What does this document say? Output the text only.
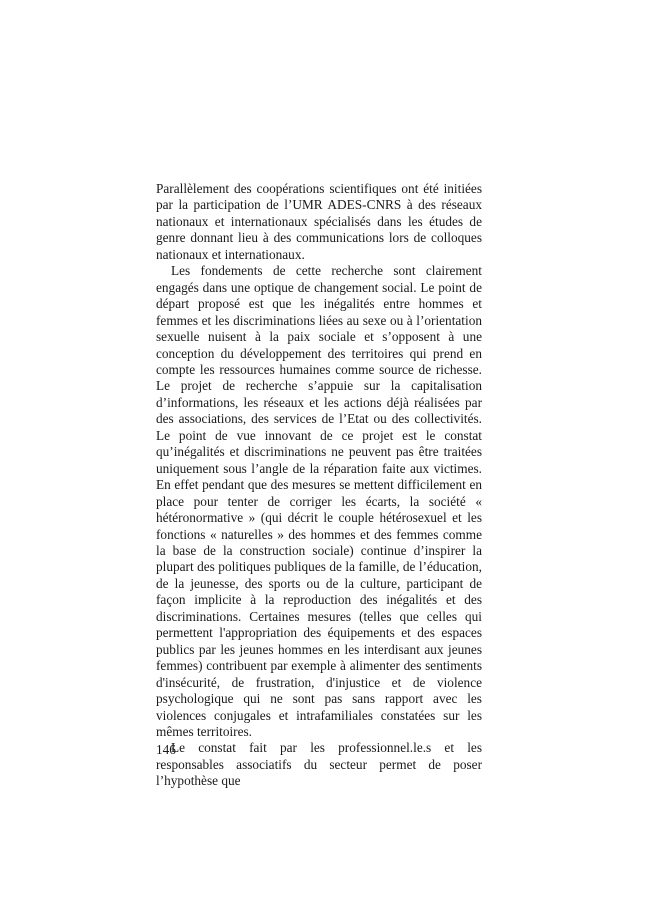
Parallèlement des coopérations scientifiques ont été initiées par la participation de l’UMR ADES-CNRS à des réseaux nationaux et internationaux spécialisés dans les études de genre donnant lieu à des communications lors de colloques nationaux et internationaux.

Les fondements de cette recherche sont clairement engagés dans une optique de changement social. Le point de départ proposé est que les inégalités entre hommes et femmes et les discriminations liées au sexe ou à l’orientation sexuelle nuisent à la paix sociale et s’opposent à une conception du développement des territoires qui prend en compte les ressources humaines comme source de richesse. Le projet de recherche s’appuie sur la capitalisation d’informations, les réseaux et les actions déjà réalisées par des associations, des services de l’Etat ou des collectivités. Le point de vue innovant de ce projet est le constat qu’inégalités et discriminations ne peuvent pas être traitées uniquement sous l’angle de la réparation faite aux victimes. En effet pendant que des mesures se mettent difficilement en place pour tenter de corriger les écarts, la société « hétéronormative » (qui décrit le couple hétérosexuel et les fonctions « naturelles » des hommes et des femmes comme la base de la construction sociale) continue d’inspirer la plupart des politiques publiques de la famille, de l’éducation, de la jeunesse, des sports ou de la culture, participant de façon implicite à la reproduction des inégalités et des discriminations. Certaines mesures (telles que celles qui permettent l'appropriation des équipements et des espaces publics par les jeunes hommes en les interdisant aux jeunes femmes) contribuent par exemple à alimenter des sentiments d'insécurité, de frustration, d'injustice et de violence psychologique qui ne sont pas sans rapport avec les violences conjugales et intrafamiliales constatées sur les mêmes territoires.

Le constat fait par les professionnel.le.s et les responsables associatifs du secteur permet de poser l’hypothèse que

146
